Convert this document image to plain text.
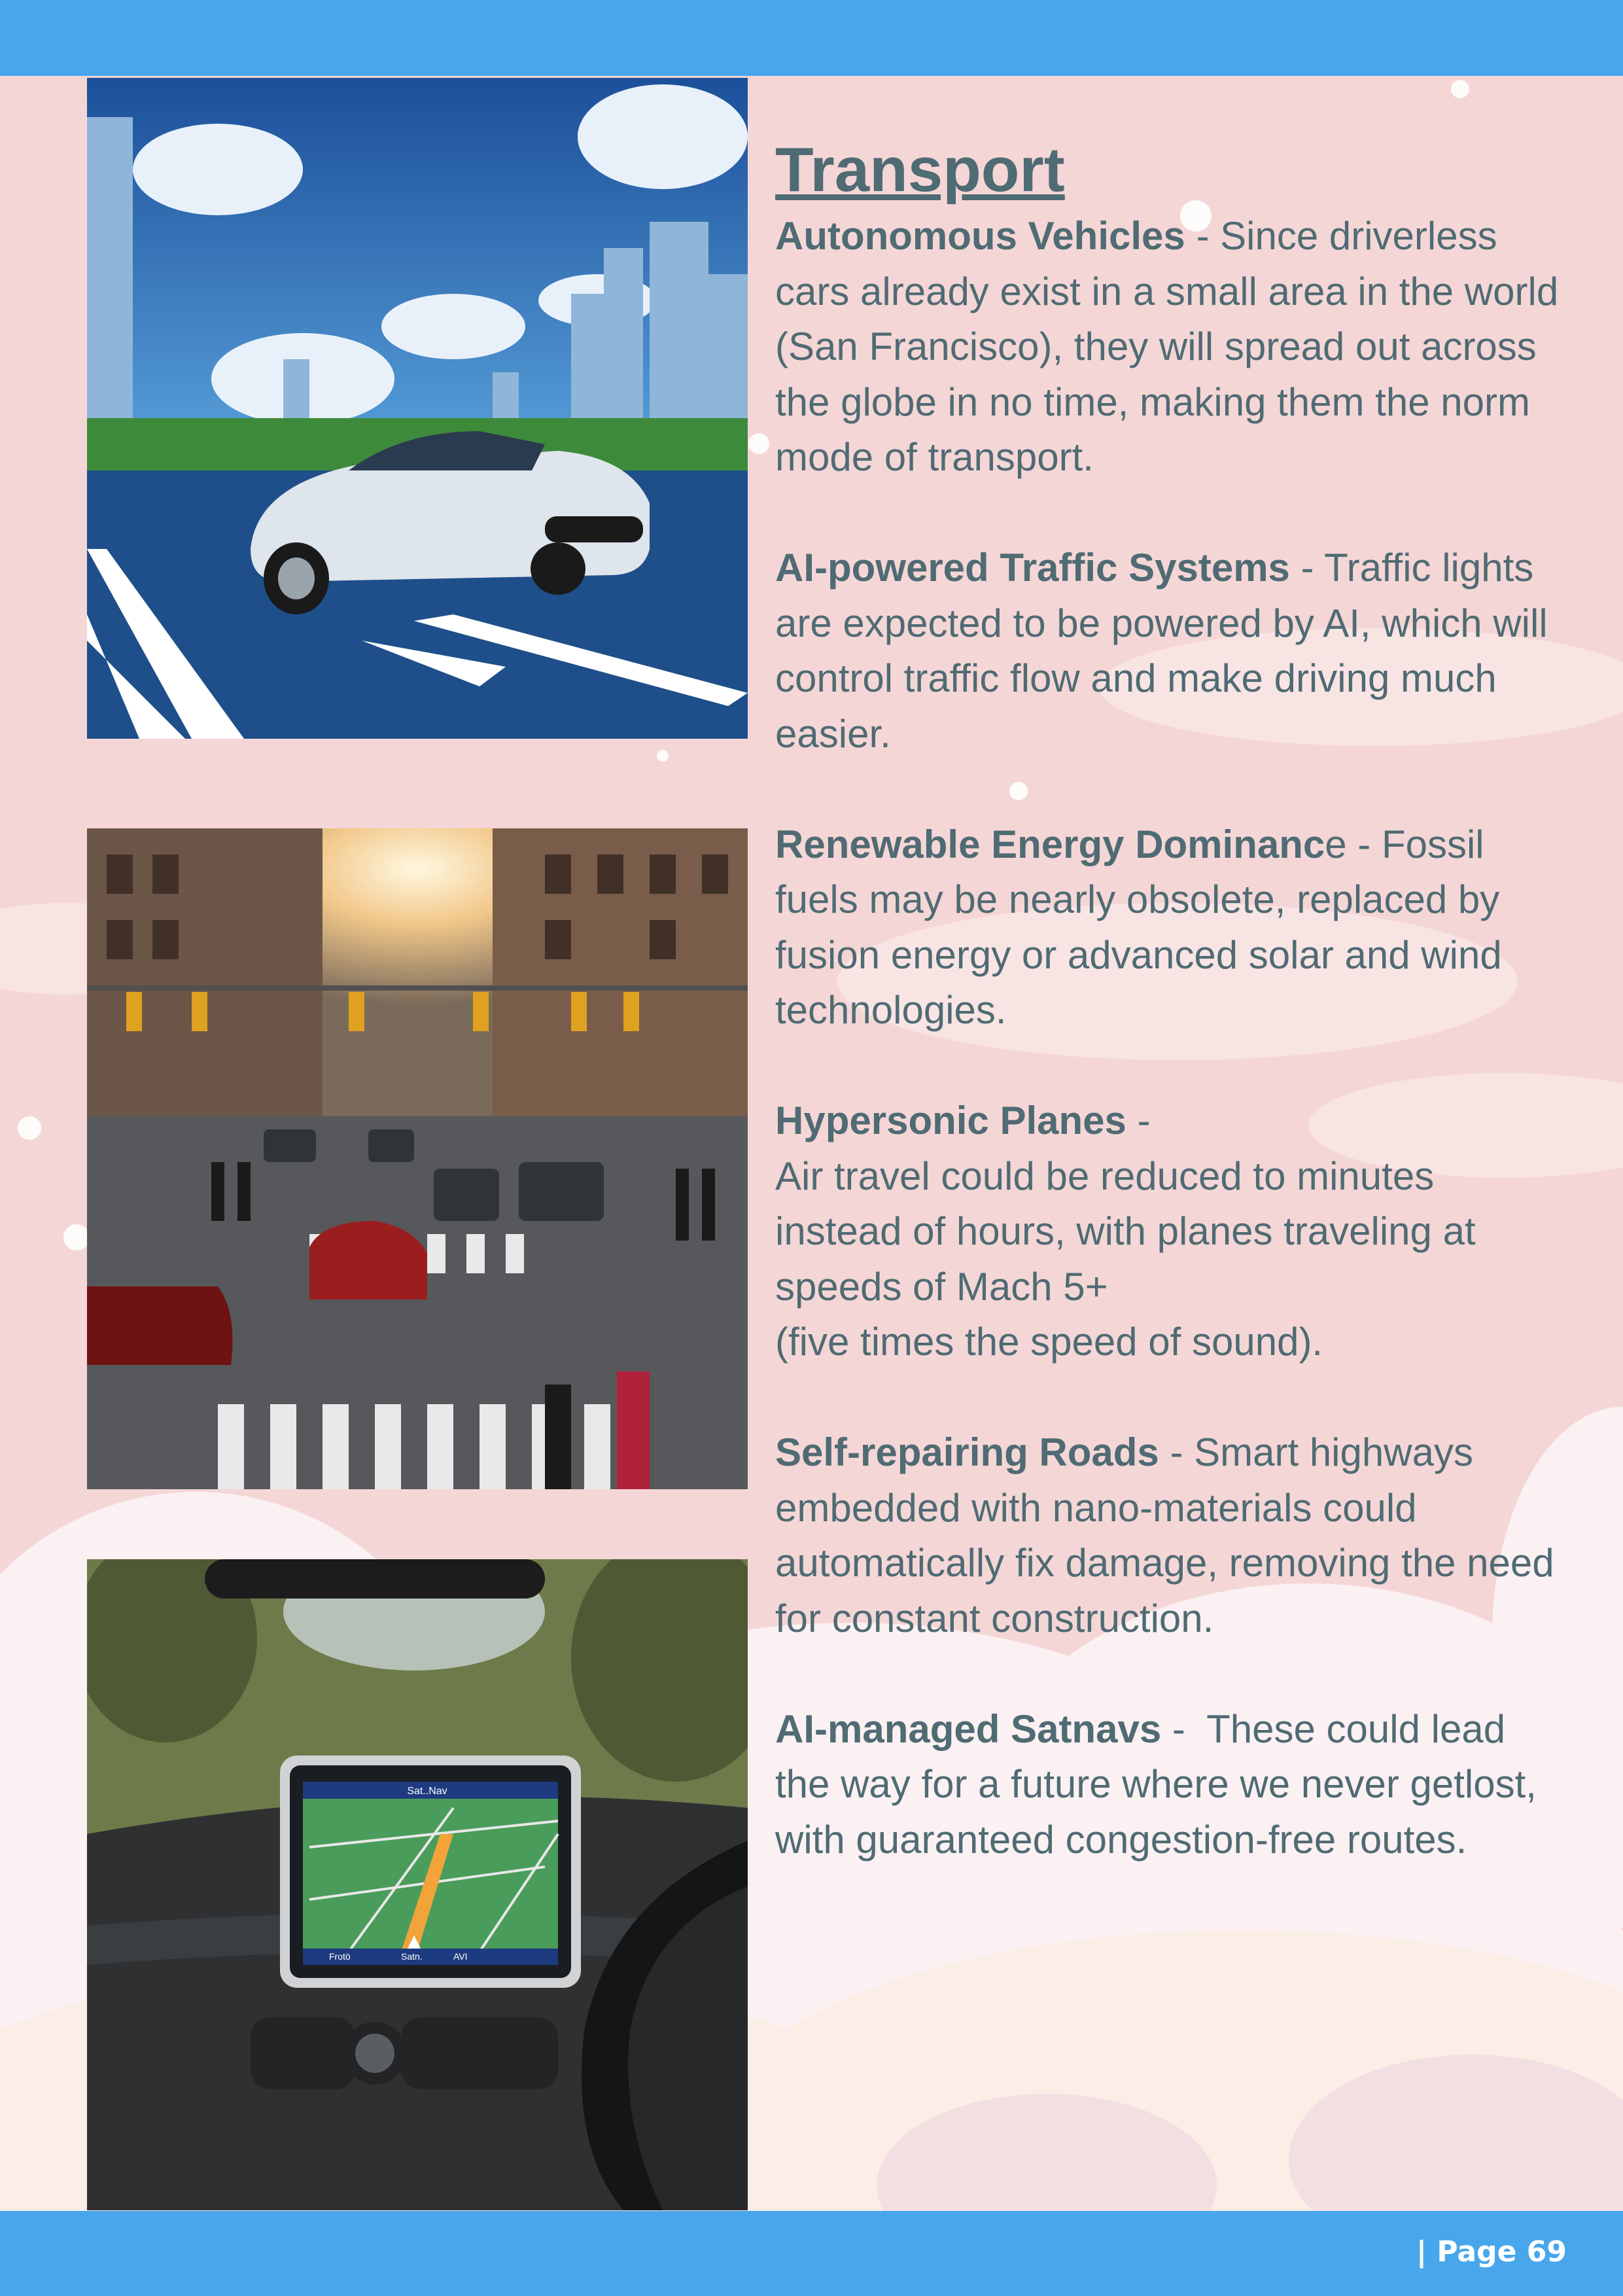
Sat..Nav
Frotö	Satn.	AVI
Transport
Autonomous Vehicles - Since driverless cars already exist in a small area in the world (San Francisco), they will spread out across the globe in no time, making them the norm mode of transport.
AI-powered Traffic Systems - Traffic lights are expected to be powered by AI, which will control traffic flow and make driving much easier.
Renewable Energy Dominance - Fossil fuels may be nearly obsolete, replaced by fusion energy or advanced solar and wind technologies.
Hypersonic Planes -
Air travel could be reduced to minutes instead of hours, with planes traveling at speeds of Mach 5+
(five times the speed of sound).
Self-repairing Roads - Smart highways embedded with nano-materials could automatically fix damage, removing the need for constant construction.
AI-managed Satnavs -  These could lead the way for a future where we never getlost, with guaranteed congestion-free routes.
| Page 69
